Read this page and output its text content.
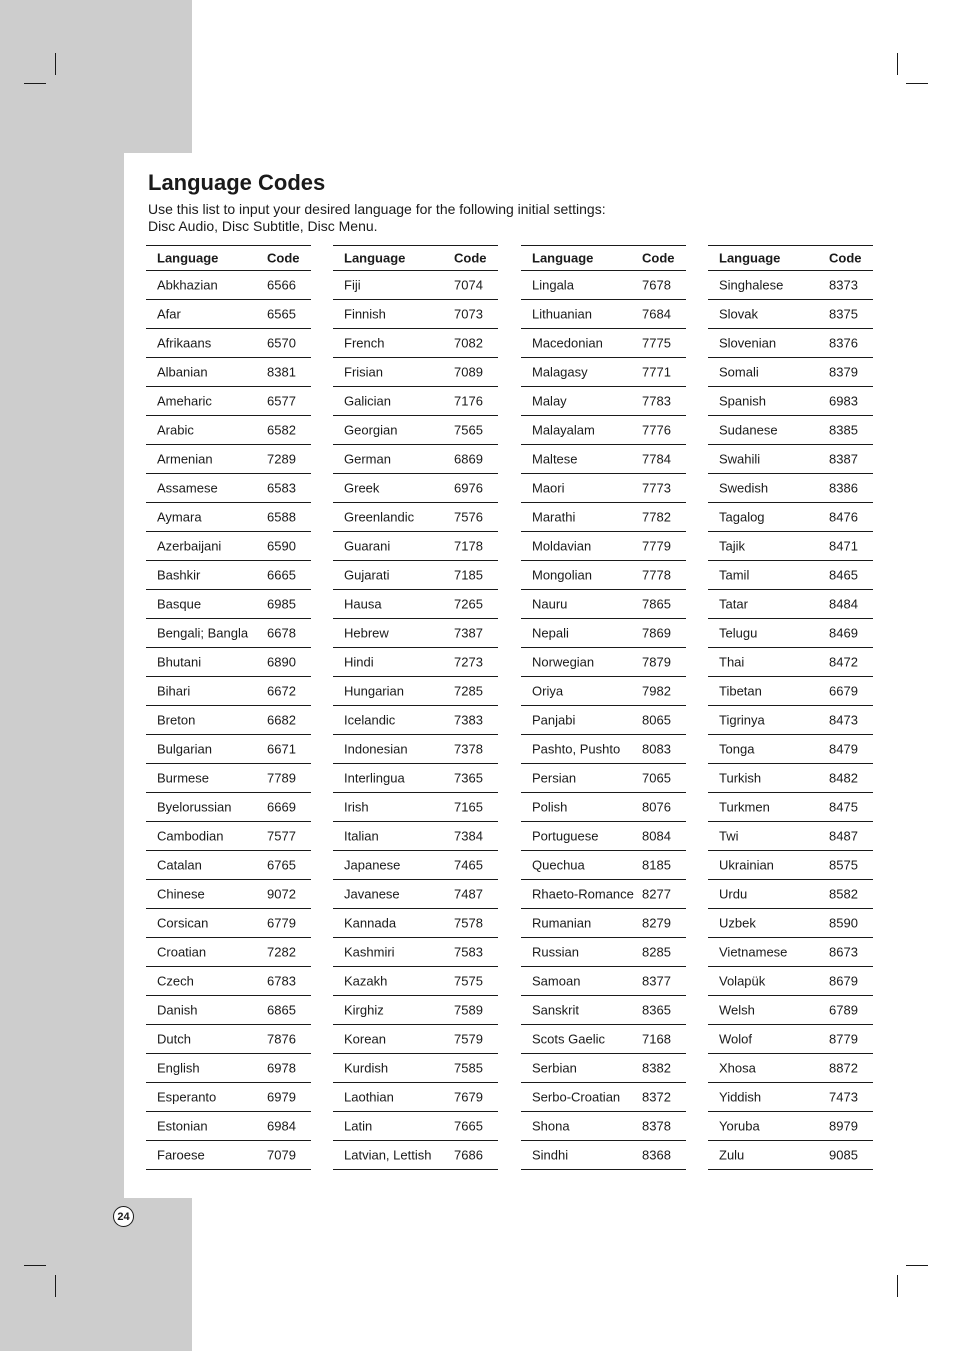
Language Codes
Use this list to input your desired language for the following initial settings:
Disc Audio, Disc Subtitle, Disc Menu.
Language	Code
Abkhazian	6566
Afar	6565
Afrikaans	6570
Albanian	8381
Ameharic	6577
Arabic	6582
Armenian	7289
Assamese	6583
Aymara	6588
Azerbaijani	6590
Bashkir	6665
Basque	6985
Bengali; Bangla 6678
Bhutani	6890
Bihari	6672
Breton	6682
Bulgarian	6671
Burmese	7789
Byelorussian	6669
Cambodian	7577
Catalan	6765
Chinese	9072
Corsican	6779
Croatian	7282
Czech	6783
Danish	6865
Dutch	7876
English	6978
Esperanto	6979
Estonian	6984
Faroese	7079
Language	Code
Fiji	7074
Finnish	7073
French	7082
Frisian	7089
Galician	7176
Georgian	7565
German	6869
Greek	6976
Greenlandic	7576
Guarani	7178
Gujarati	7185
Hausa	7265
Hebrew	7387
Hindi	7273
Hungarian	7285
Icelandic	7383
Indonesian	7378
Interlingua	7365
Irish	7165
Italian	7384
Japanese	7465
Javanese	7487
Kannada	7578
Kashmiri	7583
Kazakh	7575
Kirghiz	7589
Korean	7579
Kurdish	7585
Laothian	7679
Latin	7665
Latvian, Lettish 7686
Language	Code
Lingala	7678
Lithuanian	7684
Macedonian	7775
Malagasy	7771
Malay	7783
Malayalam	7776
Maltese	7784
Maori	7773
Marathi	7782
Moldavian	7779
Mongolian	7778
Nauru	7865
Nepali	7869
Norwegian	7879
Oriya	7982
Panjabi	8065
Pashto, Pushto 8083
Persian	7065
Polish	8076
Portuguese	8084
Quechua	8185
Rhaeto-Romance 8277
Rumanian	8279
Russian	8285
Samoan	8377
Sanskrit	8365
Scots Gaelic	7168
Serbian	8382
Serbo-Croatian 8372
Shona	8378
Sindhi	8368
Language	Code
Singhalese	8373
Slovak	8375
Slovenian	8376
Somali	8379
Spanish	6983
Sudanese	8385
Swahili	8387
Swedish	8386
Tagalog	8476
Tajik	8471
Tamil	8465
Tatar	8484
Telugu	8469
Thai	8472
Tibetan	6679
Tigrinya	8473
Tonga	8479
Turkish	8482
Turkmen	8475
Twi	8487
Ukrainian	8575
Urdu	8582
Uzbek	8590
Vietnamese	8673
Volapük	8679
Welsh	6789
Wolof	8779
Xhosa	8872
Yiddish	7473
Yoruba	8979
Zulu	9085
24
